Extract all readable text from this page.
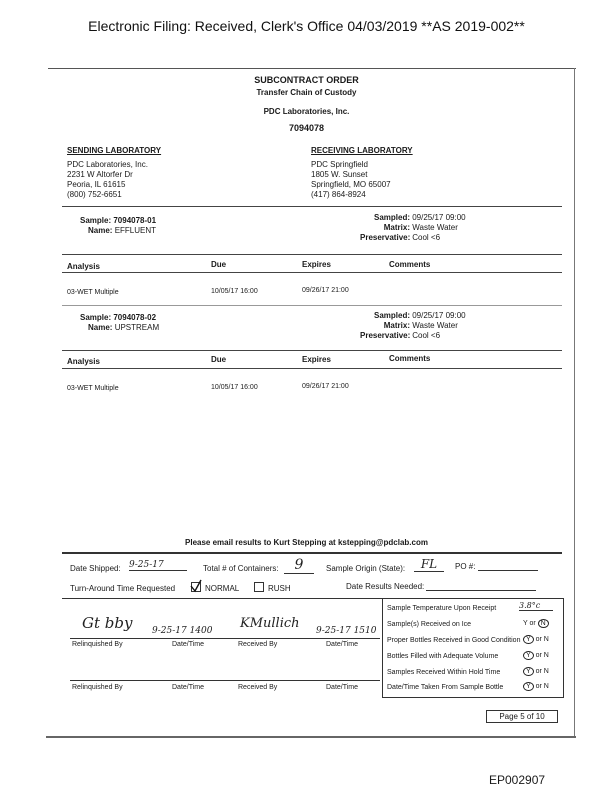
Electronic Filing: Received, Clerk's Office 04/03/2019 **AS 2019-002**
SUBCONTRACT ORDER
Transfer Chain of Custody
PDC Laboratories, Inc.
7094078
SENDING LABORATORY
PDC Laboratories, Inc.
2231 W Altorfer Dr
Peoria, IL 61615
(800) 752-6651
RECEIVING LABORATORY
PDC Springfield
1805 W. Sunset
Springfield, MO 65007
(417) 864-8924
Sample: 7094078-01
Name: EFFLUENT
Sampled: 09/25/17 09:00
Matrix: Waste Water
Preservative: Cool <6
Analysis	Due	Expires	Comments
03-WET Multiple	10/05/17 16:00	09/26/17 21:00
Sample: 7094078-02
Name: UPSTREAM
Sampled: 09/25/17 09:00
Matrix: Waste Water
Preservative: Cool <6
Analysis	Due	Expires	Comments
03-WET Multiple	10/05/17 16:00	09/26/17 21:00
Please email results to Kurt Stepping at kstepping@pdclab.com
Date Shipped: 9-25-17	Total # of Containers:	9	Sample Origin (State):	FL	PO #:
Turn-Around Time Requested	NORMAL	RUSH	Date Results Needed:
Gt bby 9-25-17 1400 KMullich 9-25-17 1510
Relinquished By	Date/Time	Received By	Date/Time
Relinquished By	Date/Time	Received By	Date/Time
Sample Temperature Upon Receipt	3.8°c
Sample(s) Received on Ice	Y or N
Proper Bottles Received in Good Condition Y or N
Bottles Filled with Adequate Volume	Y or N
Samples Received Within Hold Time	Y or N
Date/Time Taken From Sample Bottle	Y or N
Page 5 of 10
EP002907
